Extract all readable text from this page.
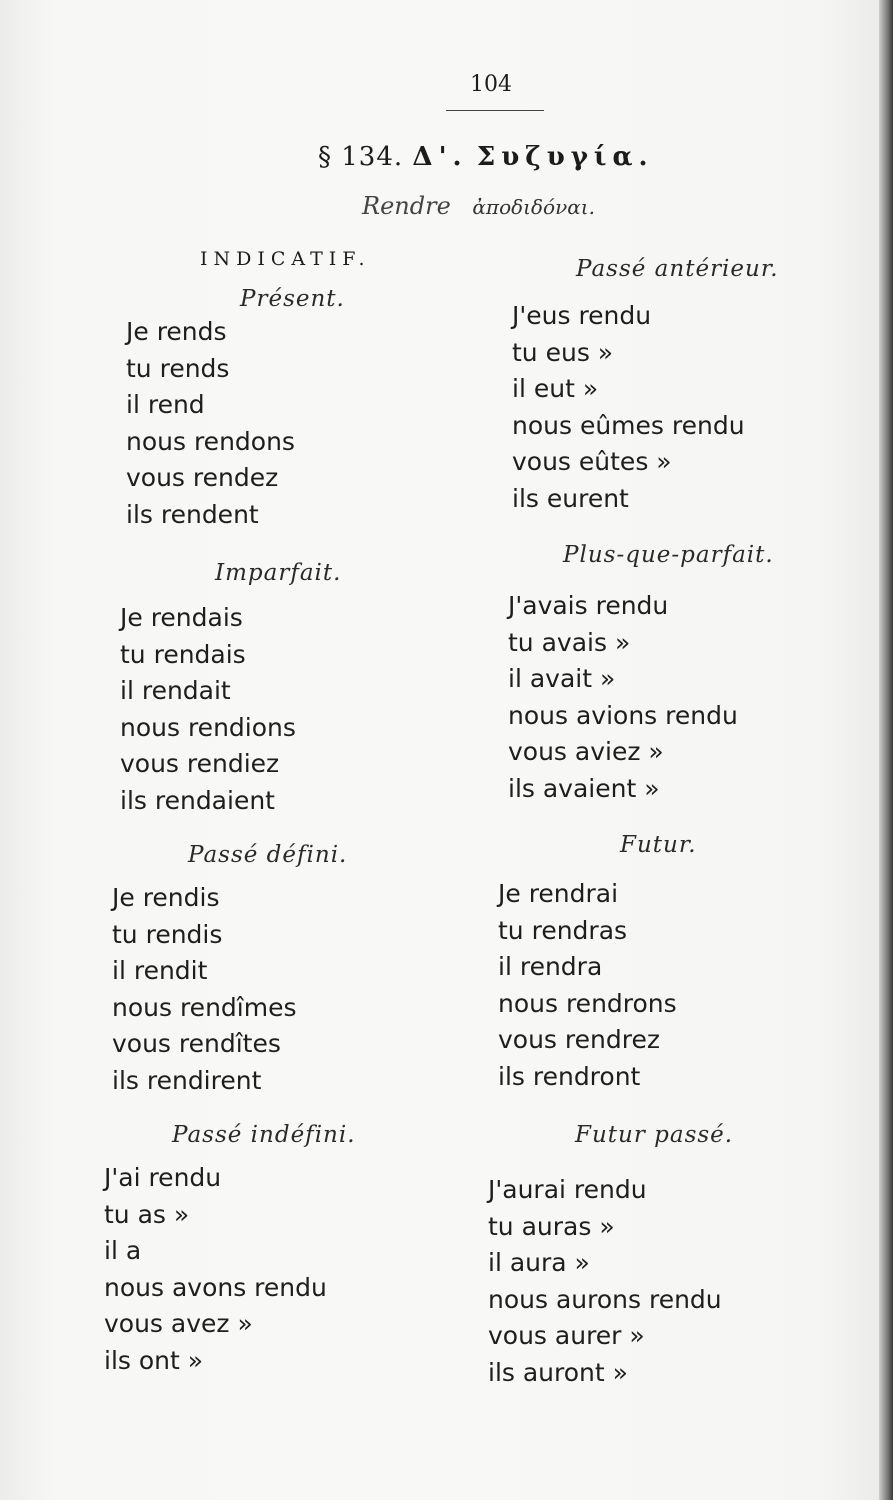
104
§ 134. Δ'. Συζυγία.
Rendre ἀποδιδόναι.
INDICATIF.
Présent.
Je rends
tu rends
il rend
nous rendons
vous rendez
ils rendent
Imparfait.
Je rendais
tu rendais
il rendait
nous rendions
vous rendiez
ils rendaient
Passé défini.
Je rendis
tu rendis
il rendit
nous rendîmes
vous rendîtes
ils rendirent
Passé indéfini.
J'ai rendu
tu as »
il a
nous avons rendu
vous avez »
ils ont »
Passé antérieur.
J'eus rendu
tu eus »
il eut »
nous eûmes rendu
vous eûtes »
ils eurent
Plus-que-parfait.
J'avais rendu
tu avais »
il avait »
nous avions rendu
vous aviez »
ils avaient »
Futur.
Je rendrai
tu rendras
il rendra
nous rendrons
vous rendrez
ils rendront
Futur passé.
J'aurai rendu
tu auras »
il aura »
nous aurons rendu
vous aurer »
ils auront »
